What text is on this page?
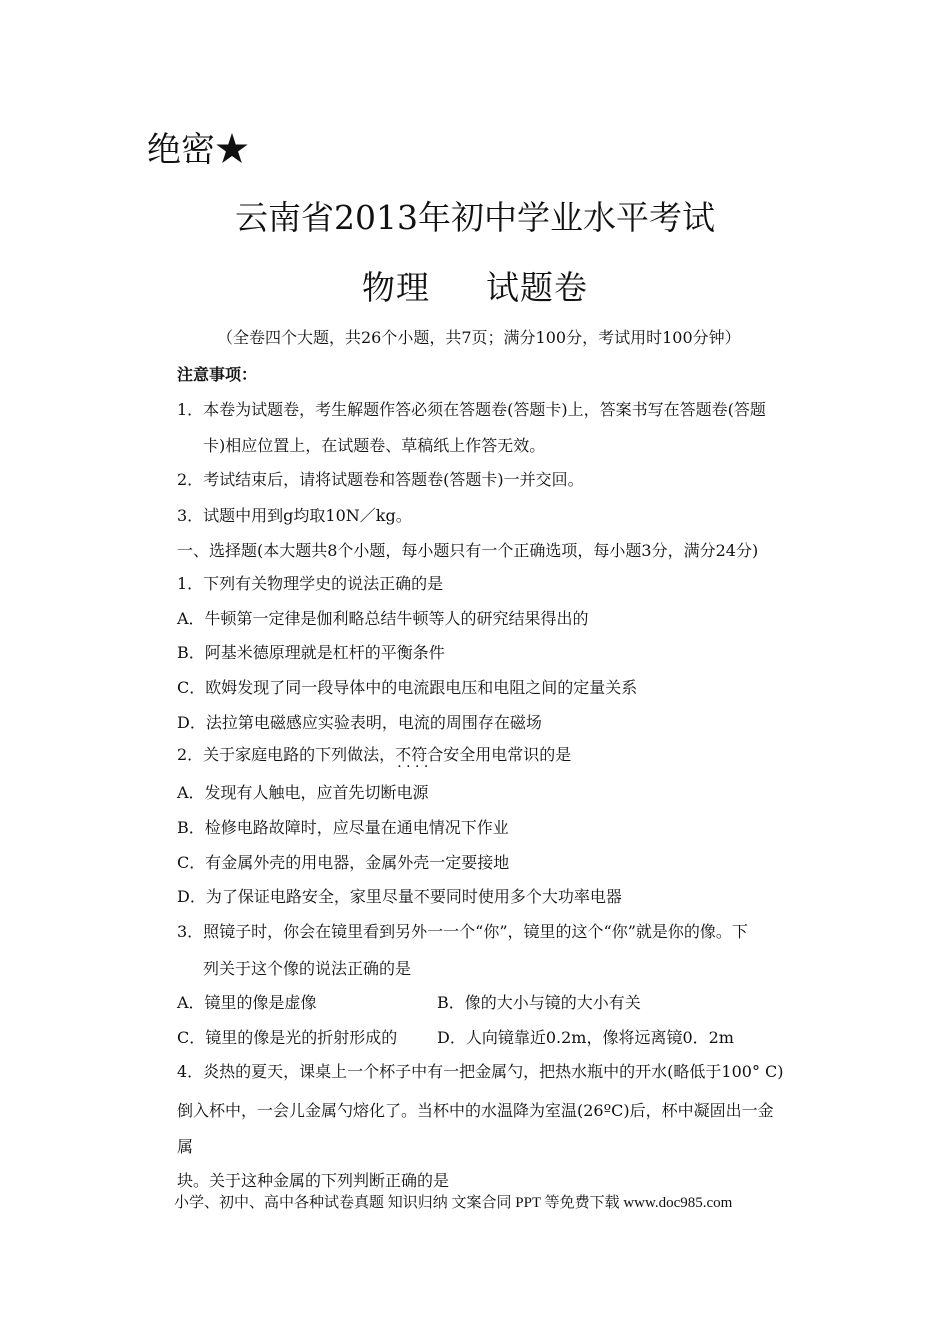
绝密★
云南省2013年初中学业水平考试
物理 试题卷
（全卷四个大题，共26个小题，共7页；满分100分，考试用时100分钟）
注意事项：
1．本卷为试题卷，考生解题作答必须在答题卷(答题卡)上，答案书写在答题卷(答题
卡)相应位置上，在试题卷、草稿纸上作答无效。
2．考试结束后，请将试题卷和答题卷(答题卡)一并交回。
3．试题中用到g均取10N／kg。
一、选择题(本大题共8个小题，每小题只有一个正确选项，每小题3分，满分24分)
1．下列有关物理学史的说法正确的是
A．牛顿第一定律是伽利略总结牛顿等人的研究结果得出的
B．阿基米德原理就是杠杆的平衡条件
C．欧姆发现了同一段导体中的电流跟电压和电阻之间的定量关系
D．法拉第电磁感应实验表明，电流的周围存在磁场
2．关于家庭电路的下列做法，不符合 · · 安全用电常识的是
A．发现有人触电，应首先切断电源
B．检修电路故障时，应尽量在通电情况下作业
C．有金属外壳的用电器，金属外壳一定要接地
D．为了保证电路安全，家里尽量不要同时使用多个大功率电器
3．照镜子时，你会在镜里看到另外一一个“你”，镜里的这个“你”就是你的像。下
列关于这个像的说法正确的是
A．镜里的像是虚像	B．像的大小与镜的大小有关
C．镜里的像是光的折射形成的 D．人向镜靠近0.2m，像将远离镜0．2m
4．炎热的夏天，课桌上一个杯子中有一把金属勺，把热水瓶中的开水(略低于100° C)
倒入杯中，一会儿金属勺熔化了。当杯中的水温降为室温(26ºC)后，杯中凝固出一金
属
块。关于这种金属的下列判断正确的是
小学、初中、高中各种试卷真题 知识归纳 文案合同 PPT 等免费下载 www.doc985.com
